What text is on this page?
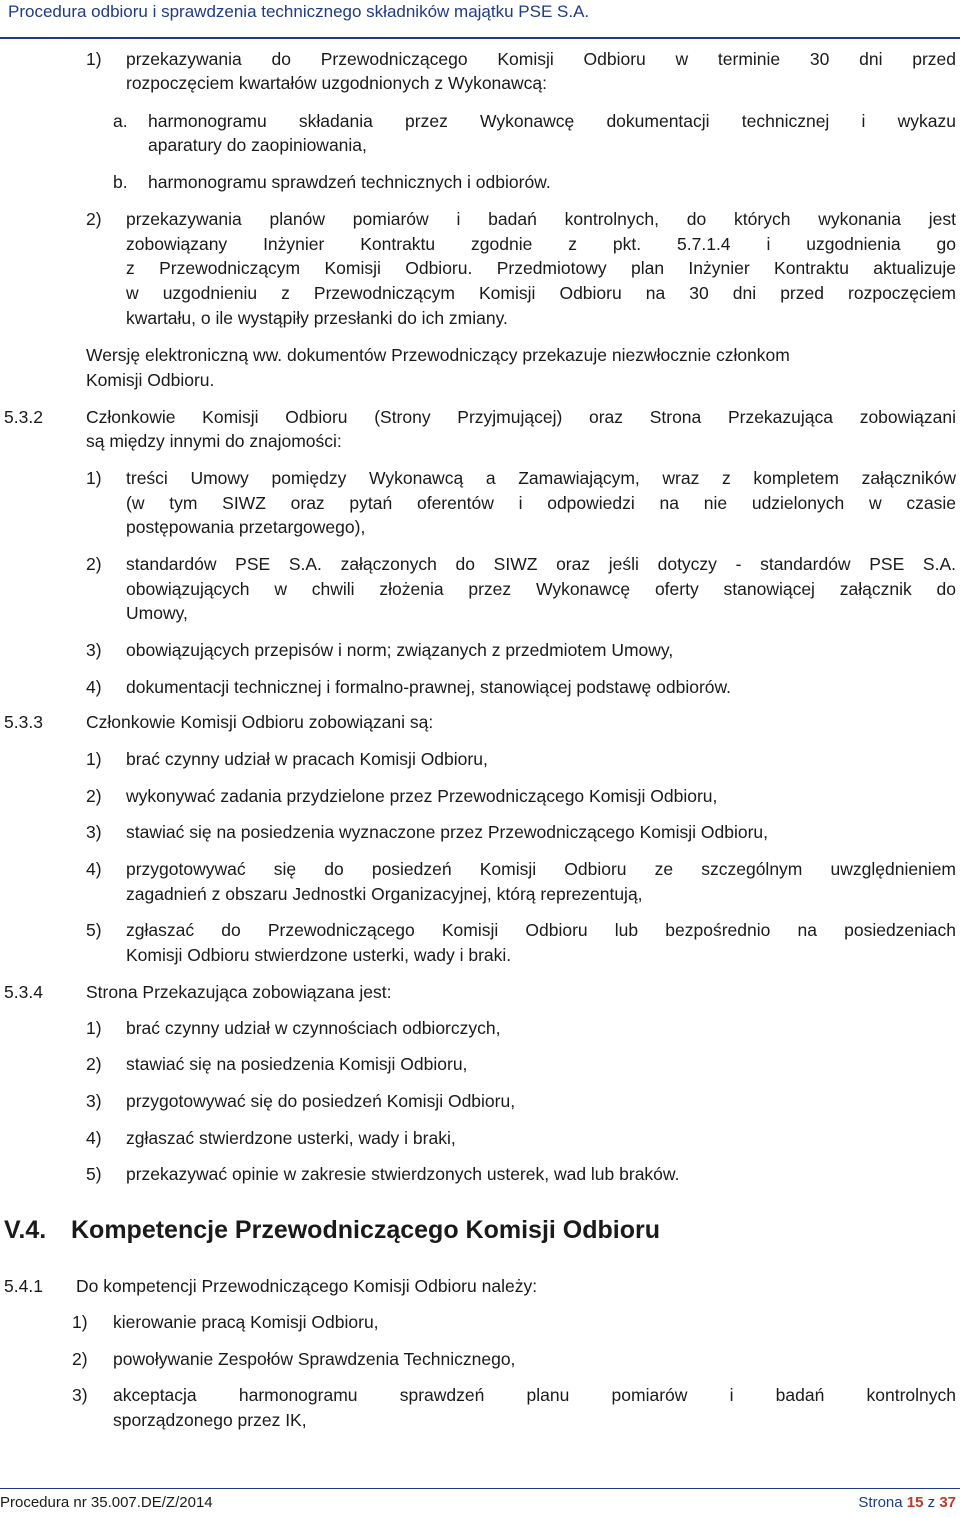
Procedura odbioru i sprawdzenia technicznego składników majątku PSE S.A.
1) przekazywania do Przewodniczącego Komisji Odbioru w terminie 30 dni przed
rozpoczęciem kwartałów uzgodnionych z Wykonawcą:
a. harmonogramu składania przez Wykonawcę dokumentacji technicznej i wykazu
aparatury do zaopiniowania,
b. harmonogramu sprawdzeń technicznych i odbiorów.
2) przekazywania planów pomiarów i badań kontrolnych, do których wykonania jest
zobowiązany Inżynier Kontraktu zgodnie z pkt. 5.7.1.4 i uzgodnienia go
z Przewodniczącym Komisji Odbioru. Przedmiotowy plan Inżynier Kontraktu aktualizuje
w uzgodnieniu z Przewodniczącym Komisji Odbioru na 30 dni przed rozpoczęciem
kwartału, o ile wystąpiły przesłanki do ich zmiany.
Wersję elektroniczną ww. dokumentów Przewodniczący przekazuje niezwłocznie członkom
Komisji Odbioru.
5.3.2 Członkowie Komisji Odbioru (Strony Przyjmującej) oraz Strona Przekazująca zobowiązani
są między innymi do znajomości:
1) treści Umowy pomiędzy Wykonawcą a Zamawiającym, wraz z kompletem załączników
(w tym SIWZ oraz pytań oferentów i odpowiedzi na nie udzielonych w czasie
postępowania przetargowego),
2) standardów PSE S.A. załączonych do SIWZ oraz jeśli dotyczy - standardów PSE S.A.
obowiązujących w chwili złożenia przez Wykonawcę oferty stanowiącej załącznik do
Umowy,
3) obowiązujących przepisów i norm; związanych z przedmiotem Umowy,
4) dokumentacji technicznej i formalno-prawnej, stanowiącej podstawę odbiorów.
5.3.3 Członkowie Komisji Odbioru zobowiązani są:
1) brać czynny udział w pracach Komisji Odbioru,
2) wykonywać zadania przydzielone przez Przewodniczącego Komisji Odbioru,
3) stawiać się na posiedzenia wyznaczone przez Przewodniczącego Komisji Odbioru,
4) przygotowywać się do posiedzeń Komisji Odbioru ze szczególnym uwzględnieniem
zagadnień z obszaru Jednostki Organizacyjnej, którą reprezentują,
5) zgłaszać do Przewodniczącego Komisji Odbioru lub bezpośrednio na posiedzeniach
Komisji Odbioru stwierdzone usterki, wady i braki.
5.3.4 Strona Przekazująca zobowiązana jest:
1) brać czynny udział w czynnościach odbiorczych,
2) stawiać się na posiedzenia Komisji Odbioru,
3) przygotowywać się do posiedzeń Komisji Odbioru,
4) zgłaszać stwierdzone usterki, wady i braki,
5) przekazywać opinie w zakresie stwierdzonych usterek, wad lub braków.
V.4. Kompetencje Przewodniczącego Komisji Odbioru
5.4.1 Do kompetencji Przewodniczącego Komisji Odbioru należy:
1) kierowanie pracą Komisji Odbioru,
2) powoływanie Zespołów Sprawdzenia Technicznego,
3) akceptacja harmonogramu sprawdzeń planu pomiarów i badań kontrolnych
sporządzonego przez IK,
Procedura nr 35.007.DE/Z/2014	Strona 15 z 37
